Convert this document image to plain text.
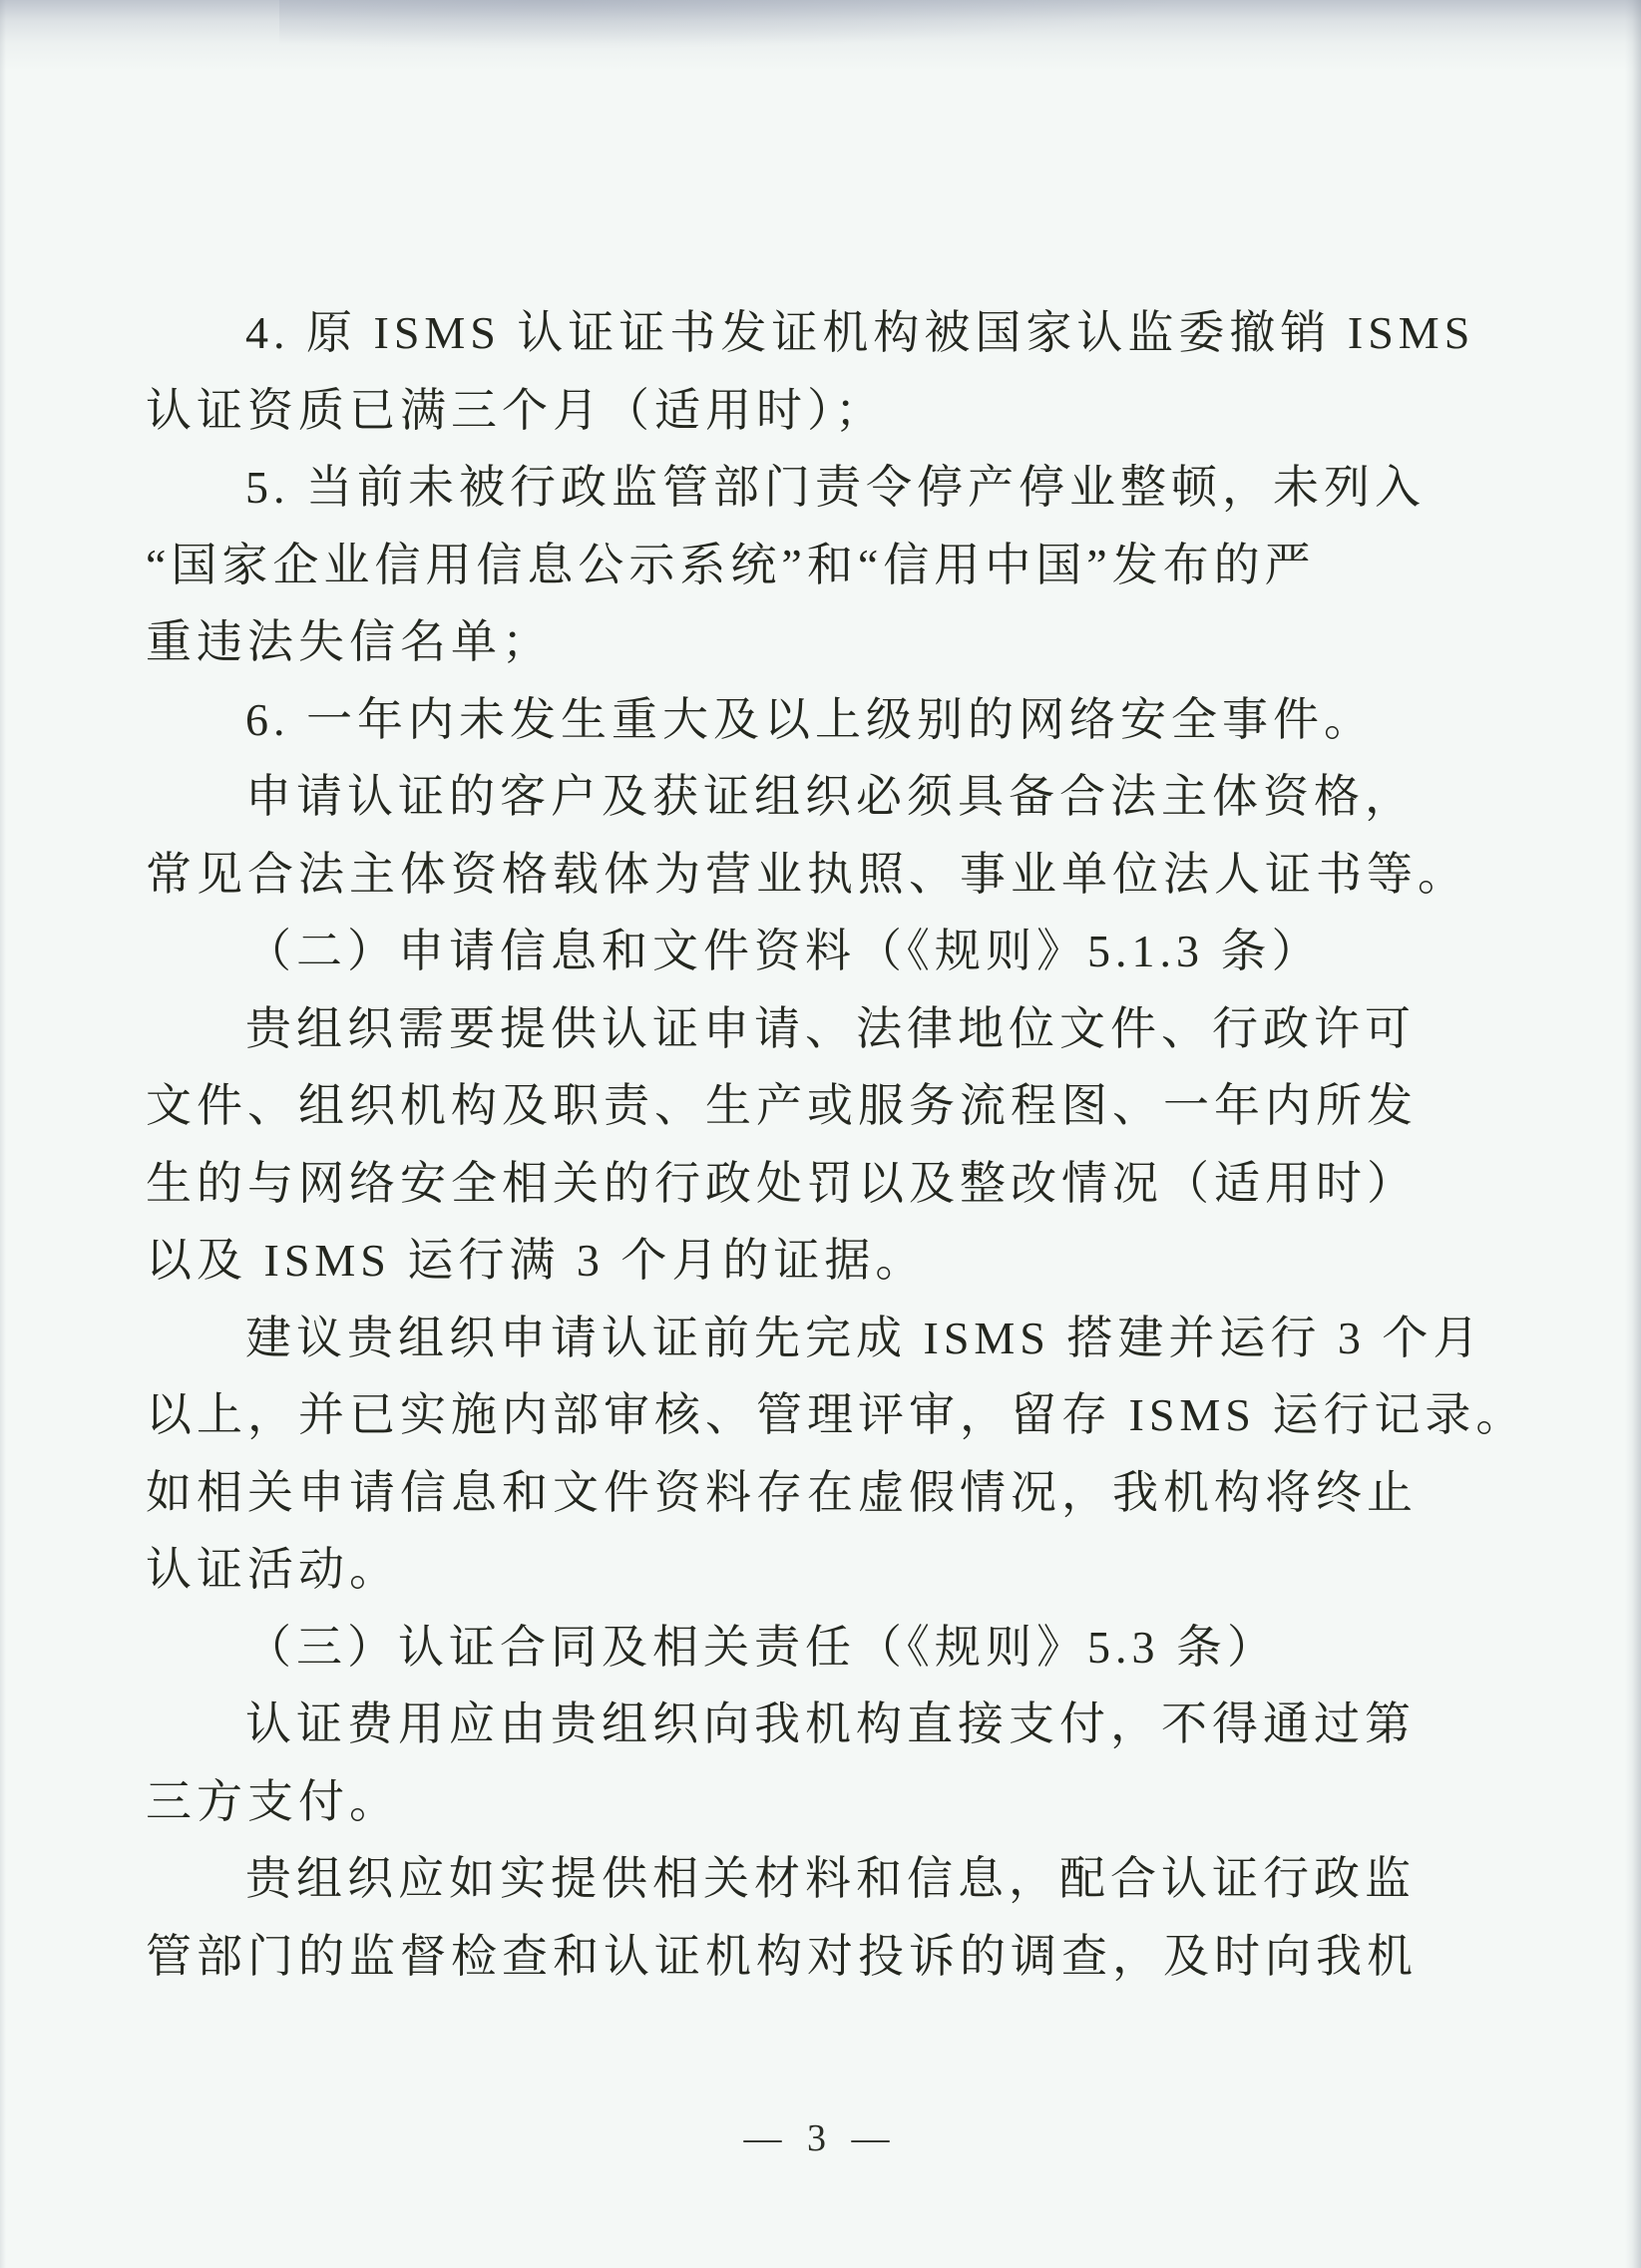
4. 原 ISMS 认证证书发证机构被国家认监委撤销 ISMS
认证资质已满三个月（适用时）；
5. 当前未被行政监管部门责令停产停业整顿，未列入
“国家企业信用信息公示系统”和“信用中国”发布的严
重违法失信名单；
6. 一年内未发生重大及以上级别的网络安全事件。
申请认证的客户及获证组织必须具备合法主体资格，
常见合法主体资格载体为营业执照、事业单位法人证书等。
（二）申请信息和文件资料（《规则》5.1.3 条）
贵组织需要提供认证申请、法律地位文件、行政许可
文件、组织机构及职责、生产或服务流程图、一年内所发
生的与网络安全相关的行政处罚以及整改情况（适用时）
以及 ISMS 运行满 3 个月的证据。
建议贵组织申请认证前先完成 ISMS 搭建并运行 3 个月
以上，并已实施内部审核、管理评审，留存 ISMS 运行记录。
如相关申请信息和文件资料存在虚假情况，我机构将终止
认证活动。
（三）认证合同及相关责任（《规则》5.3 条）
认证费用应由贵组织向我机构直接支付，不得通过第
三方支付。
贵组织应如实提供相关材料和信息，配合认证行政监
管部门的监督检查和认证机构对投诉的调查，及时向我机
— 3 —
